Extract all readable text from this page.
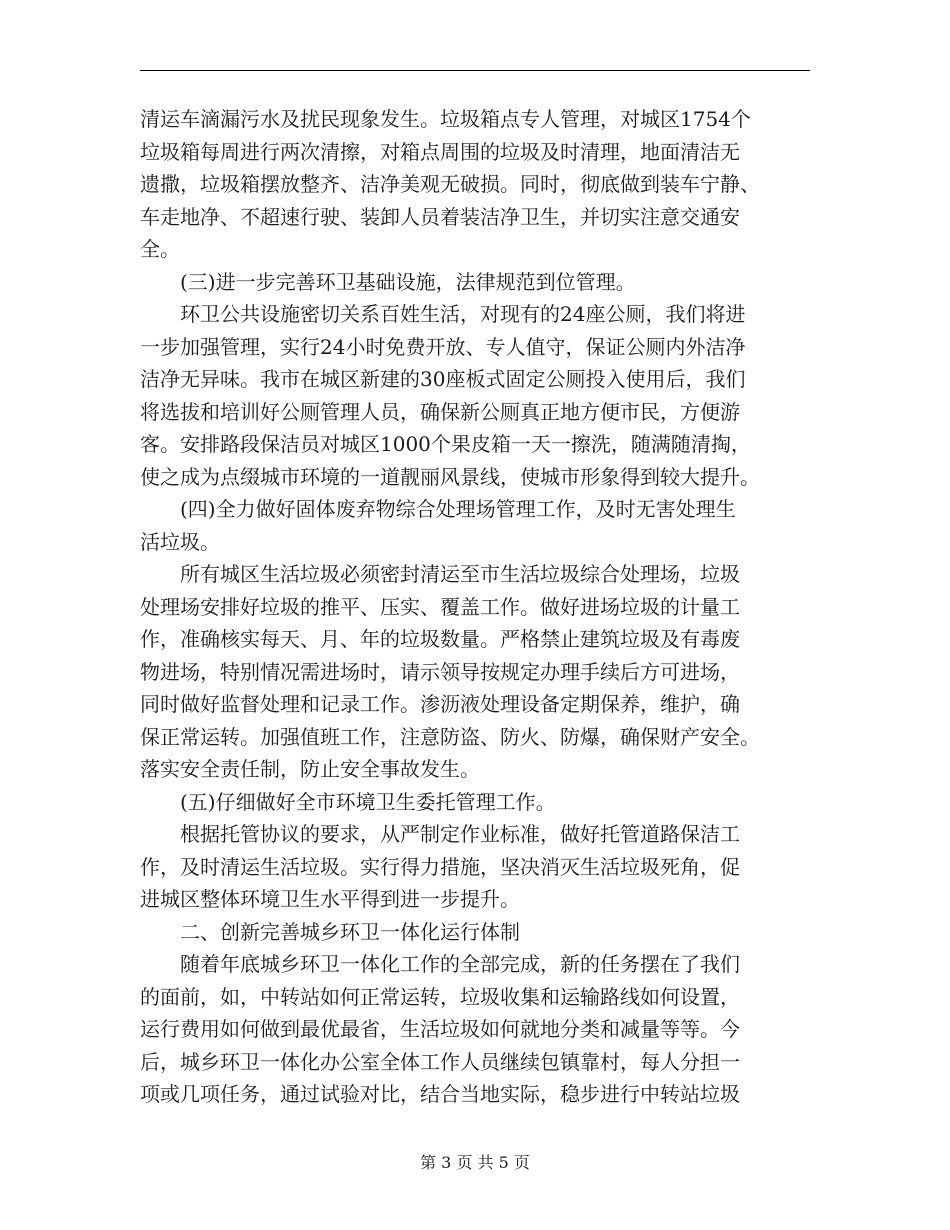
清运车滴漏污水及扰民现象发生。垃圾箱点专人管理，对城区1754个
垃圾箱每周进行两次清擦，对箱点周围的垃圾及时清理，地面清洁无
遗撒，垃圾箱摆放整齐、洁净美观无破损。同时，彻底做到装车宁静、
车走地净、不超速行驶、装卸人员着装洁净卫生，并切实注意交通安
全。
(三)进一步完善环卫基础设施，法律规范到位管理。
环卫公共设施密切关系百姓生活，对现有的24座公厕，我们将进
一步加强管理，实行24小时免费开放、专人值守，保证公厕内外洁净
洁净无异味。我市在城区新建的30座板式固定公厕投入使用后，我们
将选拔和培训好公厕管理人员，确保新公厕真正地方便市民，方便游
客。安排路段保洁员对城区1000个果皮箱一天一擦洗，随满随清掏，
使之成为点缀城市环境的一道靓丽风景线，使城市形象得到较大提升。
(四)全力做好固体废弃物综合处理场管理工作，及时无害处理生
活垃圾。
所有城区生活垃圾必须密封清运至市生活垃圾综合处理场，垃圾
处理场安排好垃圾的推平、压实、覆盖工作。做好进场垃圾的计量工
作，准确核实每天、月、年的垃圾数量。严格禁止建筑垃圾及有毒废
物进场，特别情况需进场时，请示领导按规定办理手续后方可进场，
同时做好监督处理和记录工作。渗沥液处理设备定期保养，维护，确
保正常运转。加强值班工作，注意防盗、防火、防爆，确保财产安全。
落实安全责任制，防止安全事故发生。
(五)仔细做好全市环境卫生委托管理工作。
根据托管协议的要求，从严制定作业标准，做好托管道路保洁工
作，及时清运生活垃圾。实行得力措施，坚决消灭生活垃圾死角，促
进城区整体环境卫生水平得到进一步提升。
二、创新完善城乡环卫一体化运行体制
随着年底城乡环卫一体化工作的全部完成，新的任务摆在了我们
的面前，如，中转站如何正常运转，垃圾收集和运输路线如何设置，
运行费用如何做到最优最省，生活垃圾如何就地分类和减量等等。今
后，城乡环卫一体化办公室全体工作人员继续包镇靠村，每人分担一
项或几项任务，通过试验对比，结合当地实际，稳步进行中转站垃圾
第 3 页 共 5 页
